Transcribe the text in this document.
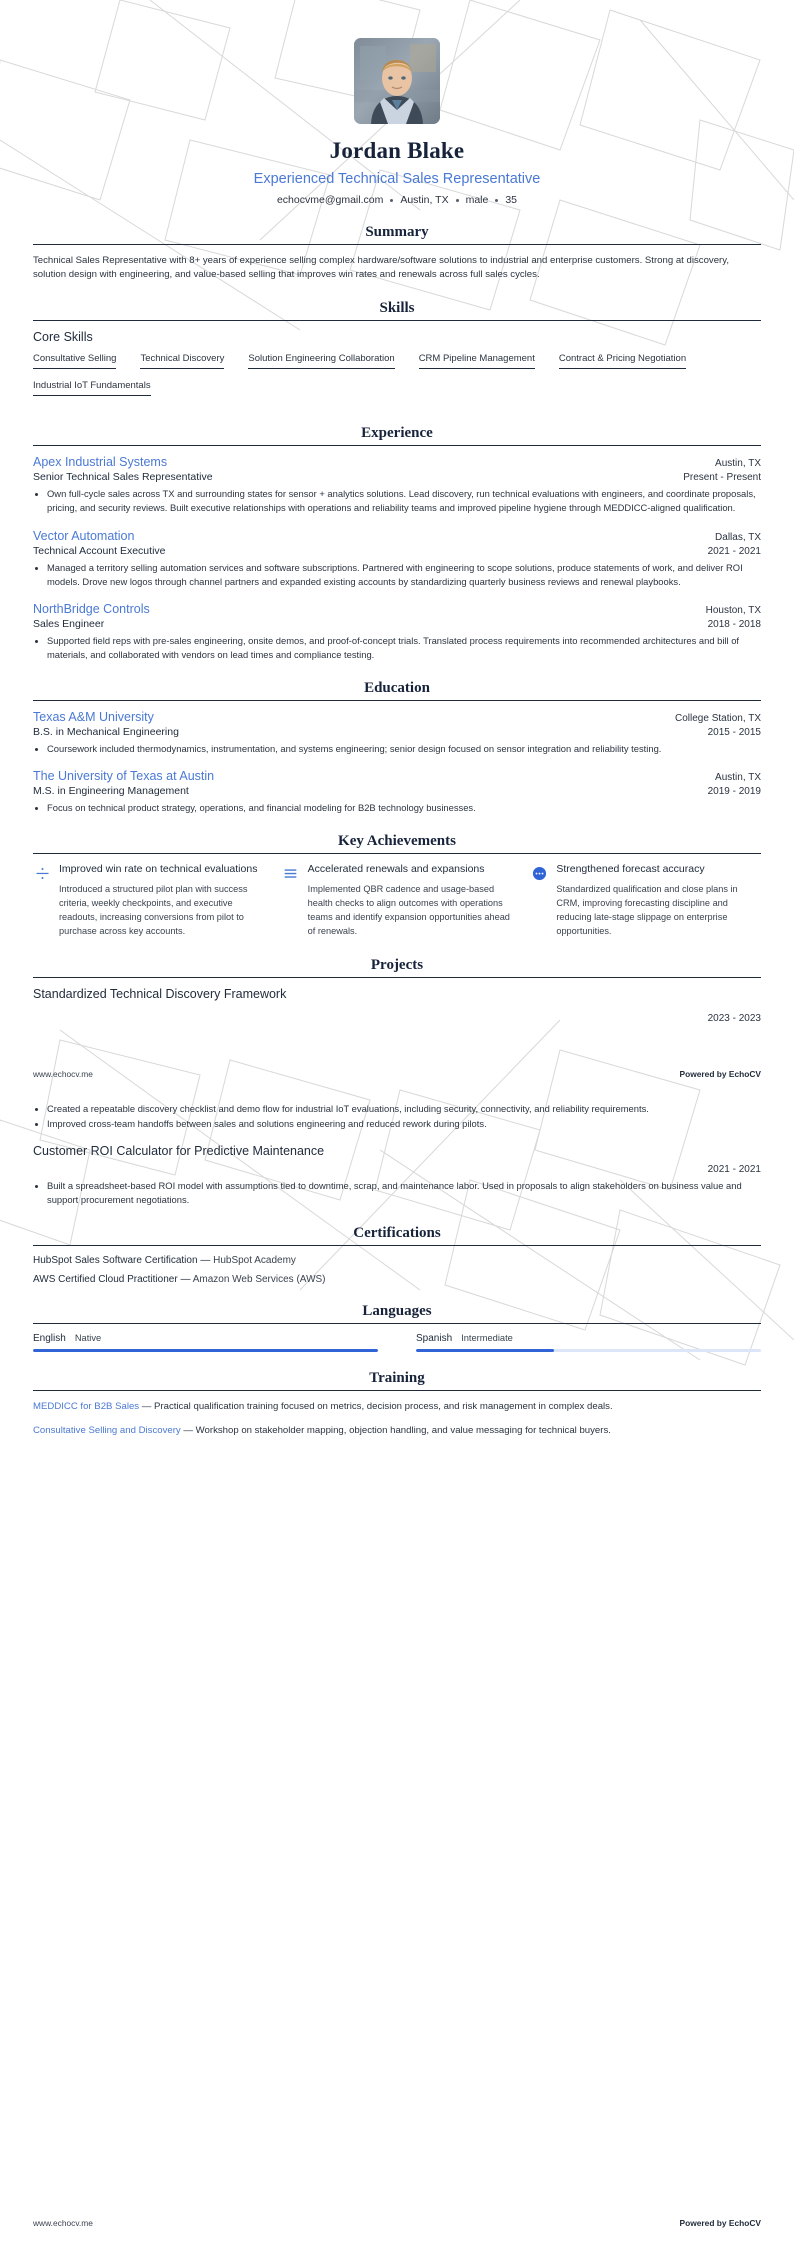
Jordan Blake
Experienced Technical Sales Representative
echocvme@gmail.com Austin, TX male 35
Summary
Technical Sales Representative with 8+ years of experience selling complex hardware/software solutions to industrial and enterprise customers. Strong at discovery, solution design with engineering, and value-based selling that improves win rates and renewals across full sales cycles.
Skills
Core Skills
Consultative Selling	Technical Discovery	Solution Engineering Collaboration	CRM Pipeline Management	Contract & Pricing Negotiation
Industrial IoT Fundamentals
Experience
Apex Industrial Systems	Austin, TX
Senior Technical Sales Representative	Present - Present
• Own full-cycle sales across TX and surrounding states for sensor + analytics solutions. Lead discovery, run technical evaluations with engineers, and coordinate proposals, pricing, and security reviews. Built executive relationships with operations and reliability teams and improved pipeline hygiene through MEDDICC-aligned qualification.
Vector Automation	Dallas, TX
Technical Account Executive	2021 - 2021
• Managed a territory selling automation services and software subscriptions. Partnered with engineering to scope solutions, produce statements of work, and deliver ROI models. Drove new logos through channel partners and expanded existing accounts by standardizing quarterly business reviews and renewal playbooks.
NorthBridge Controls	Houston, TX
Sales Engineer	2018 - 2018
• Supported field reps with pre-sales engineering, onsite demos, and proof-of-concept trials. Translated process requirements into recommended architectures and bill of materials, and collaborated with vendors on lead times and compliance testing.
Education
Texas A&M University	College Station, TX
B.S. in Mechanical Engineering	2015 - 2015
• Coursework included thermodynamics, instrumentation, and systems engineering; senior design focused on sensor integration and reliability testing.
The University of Texas at Austin	Austin, TX
M.S. in Engineering Management	2019 - 2019
• Focus on technical product strategy, operations, and financial modeling for B2B technology businesses.
Key Achievements
Improved win rate on technical evaluations
Introduced a structured pilot plan with success criteria, weekly checkpoints, and executive readouts, increasing conversions from pilot to purchase across key accounts.
Accelerated renewals and expansions
Implemented QBR cadence and usage-based health checks to align outcomes with operations teams and identify expansion opportunities ahead of renewals.
Strengthened forecast accuracy
Standardized qualification and close plans in CRM, improving forecasting discipline and reducing late-stage slippage on enterprise opportunities.
Projects
Standardized Technical Discovery Framework
2023 - 2023
• Created a repeatable discovery checklist and demo flow for industrial IoT evaluations, including security, connectivity, and reliability requirements.
• Improved cross-team handoffs between sales and solutions engineering and reduced rework during pilots.
Customer ROI Calculator for Predictive Maintenance
2021 - 2021
• Built a spreadsheet-based ROI model with assumptions tied to downtime, scrap, and maintenance labor. Used in proposals to align stakeholders on business value and support procurement negotiations.
Certifications
HubSpot Sales Software Certification — HubSpot Academy
AWS Certified Cloud Practitioner — Amazon Web Services (AWS)
Languages
English Native	Spanish Intermediate
Training
MEDDICC for B2B Sales — Practical qualification training focused on metrics, decision process, and risk management in complex deals.
Consultative Selling and Discovery — Workshop on stakeholder mapping, objection handling, and value messaging for technical buyers.
www.echocv.me	Powered by EchoCV
www.echocv.me	Powered by EchoCV
